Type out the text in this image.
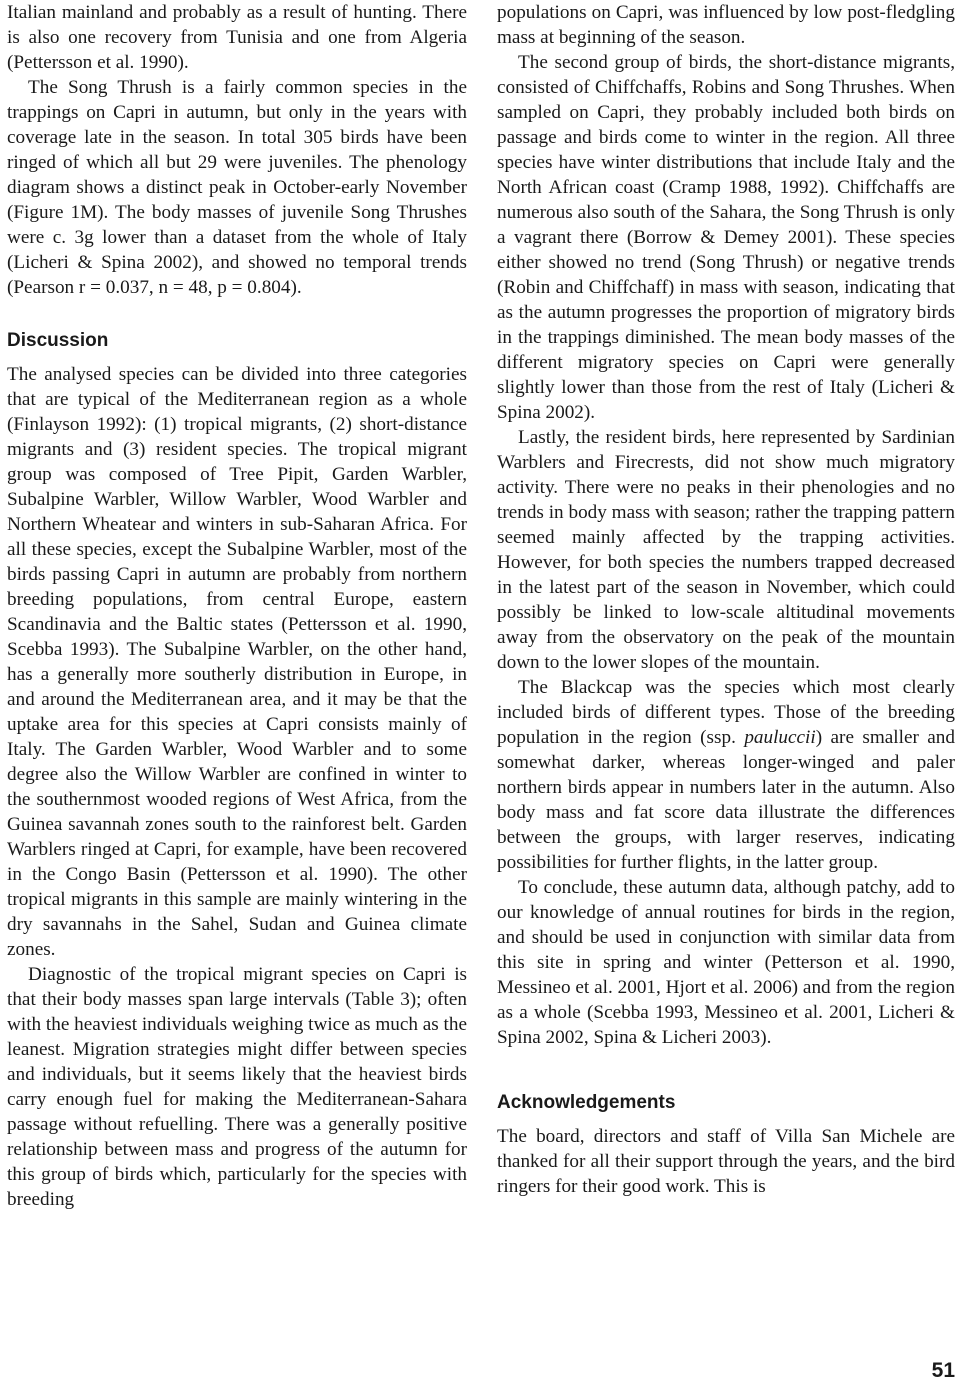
Italian mainland and probably as a result of hunting. There is also one recovery from Tunisia and one from Algeria (Pettersson et al. 1990).

The Song Thrush is a fairly common species in the trappings on Capri in autumn, but only in the years with coverage late in the season. In total 305 birds have been ringed of which all but 29 were juveniles. The phenology diagram shows a distinct peak in October-early November (Figure 1M). The body masses of juvenile Song Thrushes were c. 3g lower than a dataset from the whole of Italy (Licheri & Spina 2002), and showed no temporal trends (Pearson r = 0.037, n = 48, p = 0.804).

Discussion

The analysed species can be divided into three categories that are typical of the Mediterranean region as a whole (Finlayson 1992): (1) tropical migrants, (2) short-distance migrants and (3) resident species. The tropical migrant group was composed of Tree Pipit, Garden Warbler, Subalpine Warbler, Willow Warbler, Wood Warbler and Northern Wheatear and winters in sub-Saharan Africa. For all these species, except the Subalpine Warbler, most of the birds passing Capri in autumn are probably from northern breeding populations, from central Europe, eastern Scandinavia and the Baltic states (Pettersson et al. 1990, Scebba 1993). The Subalpine Warbler, on the other hand, has a generally more southerly distribution in Europe, in and around the Mediterranean area, and it may be that the uptake area for this species at Capri consists mainly of Italy. The Garden Warbler, Wood Warbler and to some degree also the Willow Warbler are confined in winter to the southernmost wooded regions of West Africa, from the Guinea savannah zones south to the rainforest belt. Garden Warblers ringed at Capri, for example, have been recovered in the Congo Basin (Pettersson et al. 1990). The other tropical migrants in this sample are mainly wintering in the dry savannahs in the Sahel, Sudan and Guinea climate zones.

Diagnostic of the tropical migrant species on Capri is that their body masses span large intervals (Table 3); often with the heaviest individuals weighing twice as much as the leanest. Migration strategies might differ between species and individuals, but it seems likely that the heaviest birds carry enough fuel for making the Mediterranean-Sahara passage without refuelling. There was a generally positive relationship between mass and progress of the autumn for this group of birds which, particularly for the species with breeding

populations on Capri, was influenced by low post-fledgling mass at beginning of the season.

The second group of birds, the short-distance migrants, consisted of Chiffchaffs, Robins and Song Thrushes. When sampled on Capri, they probably included both birds on passage and birds come to winter in the region. All three species have winter distributions that include Italy and the North African coast (Cramp 1988, 1992). Chiffchaffs are numerous also south of the Sahara, the Song Thrush is only a vagrant there (Borrow & Demey 2001). These species either showed no trend (Song Thrush) or negative trends (Robin and Chiffchaff) in mass with season, indicating that as the autumn progresses the proportion of migratory birds in the trappings diminished. The mean body masses of the different migratory species on Capri were generally slightly lower than those from the rest of Italy (Licheri & Spina 2002).

Lastly, the resident birds, here represented by Sardinian Warblers and Firecrests, did not show much migratory activity. There were no peaks in their phenologies and no trends in body mass with season; rather the trapping pattern seemed mainly affected by the trapping activities. However, for both species the numbers trapped decreased in the latest part of the season in November, which could possibly be linked to low-scale altitudinal movements away from the observatory on the peak of the mountain down to the lower slopes of the mountain.

The Blackcap was the species which most clearly included birds of different types. Those of the breeding population in the region (ssp. pauluccii) are smaller and somewhat darker, whereas longer-winged and paler northern birds appear in numbers later in the autumn. Also body mass and fat score data illustrate the differences between the groups, with larger reserves, indicating possibilities for further flights, in the latter group.

To conclude, these autumn data, although patchy, add to our knowledge of annual routines for birds in the region, and should be used in conjunction with similar data from this site in spring and winter (Petterson et al. 1990, Messineo et al. 2001, Hjort et al. 2006) and from the region as a whole (Scebba 1993, Messineo et al. 2001, Licheri & Spina 2002, Spina & Licheri 2003).

Acknowledgements

The board, directors and staff of Villa San Michele are thanked for all their support through the years, and the bird ringers for their good work. This is

51
